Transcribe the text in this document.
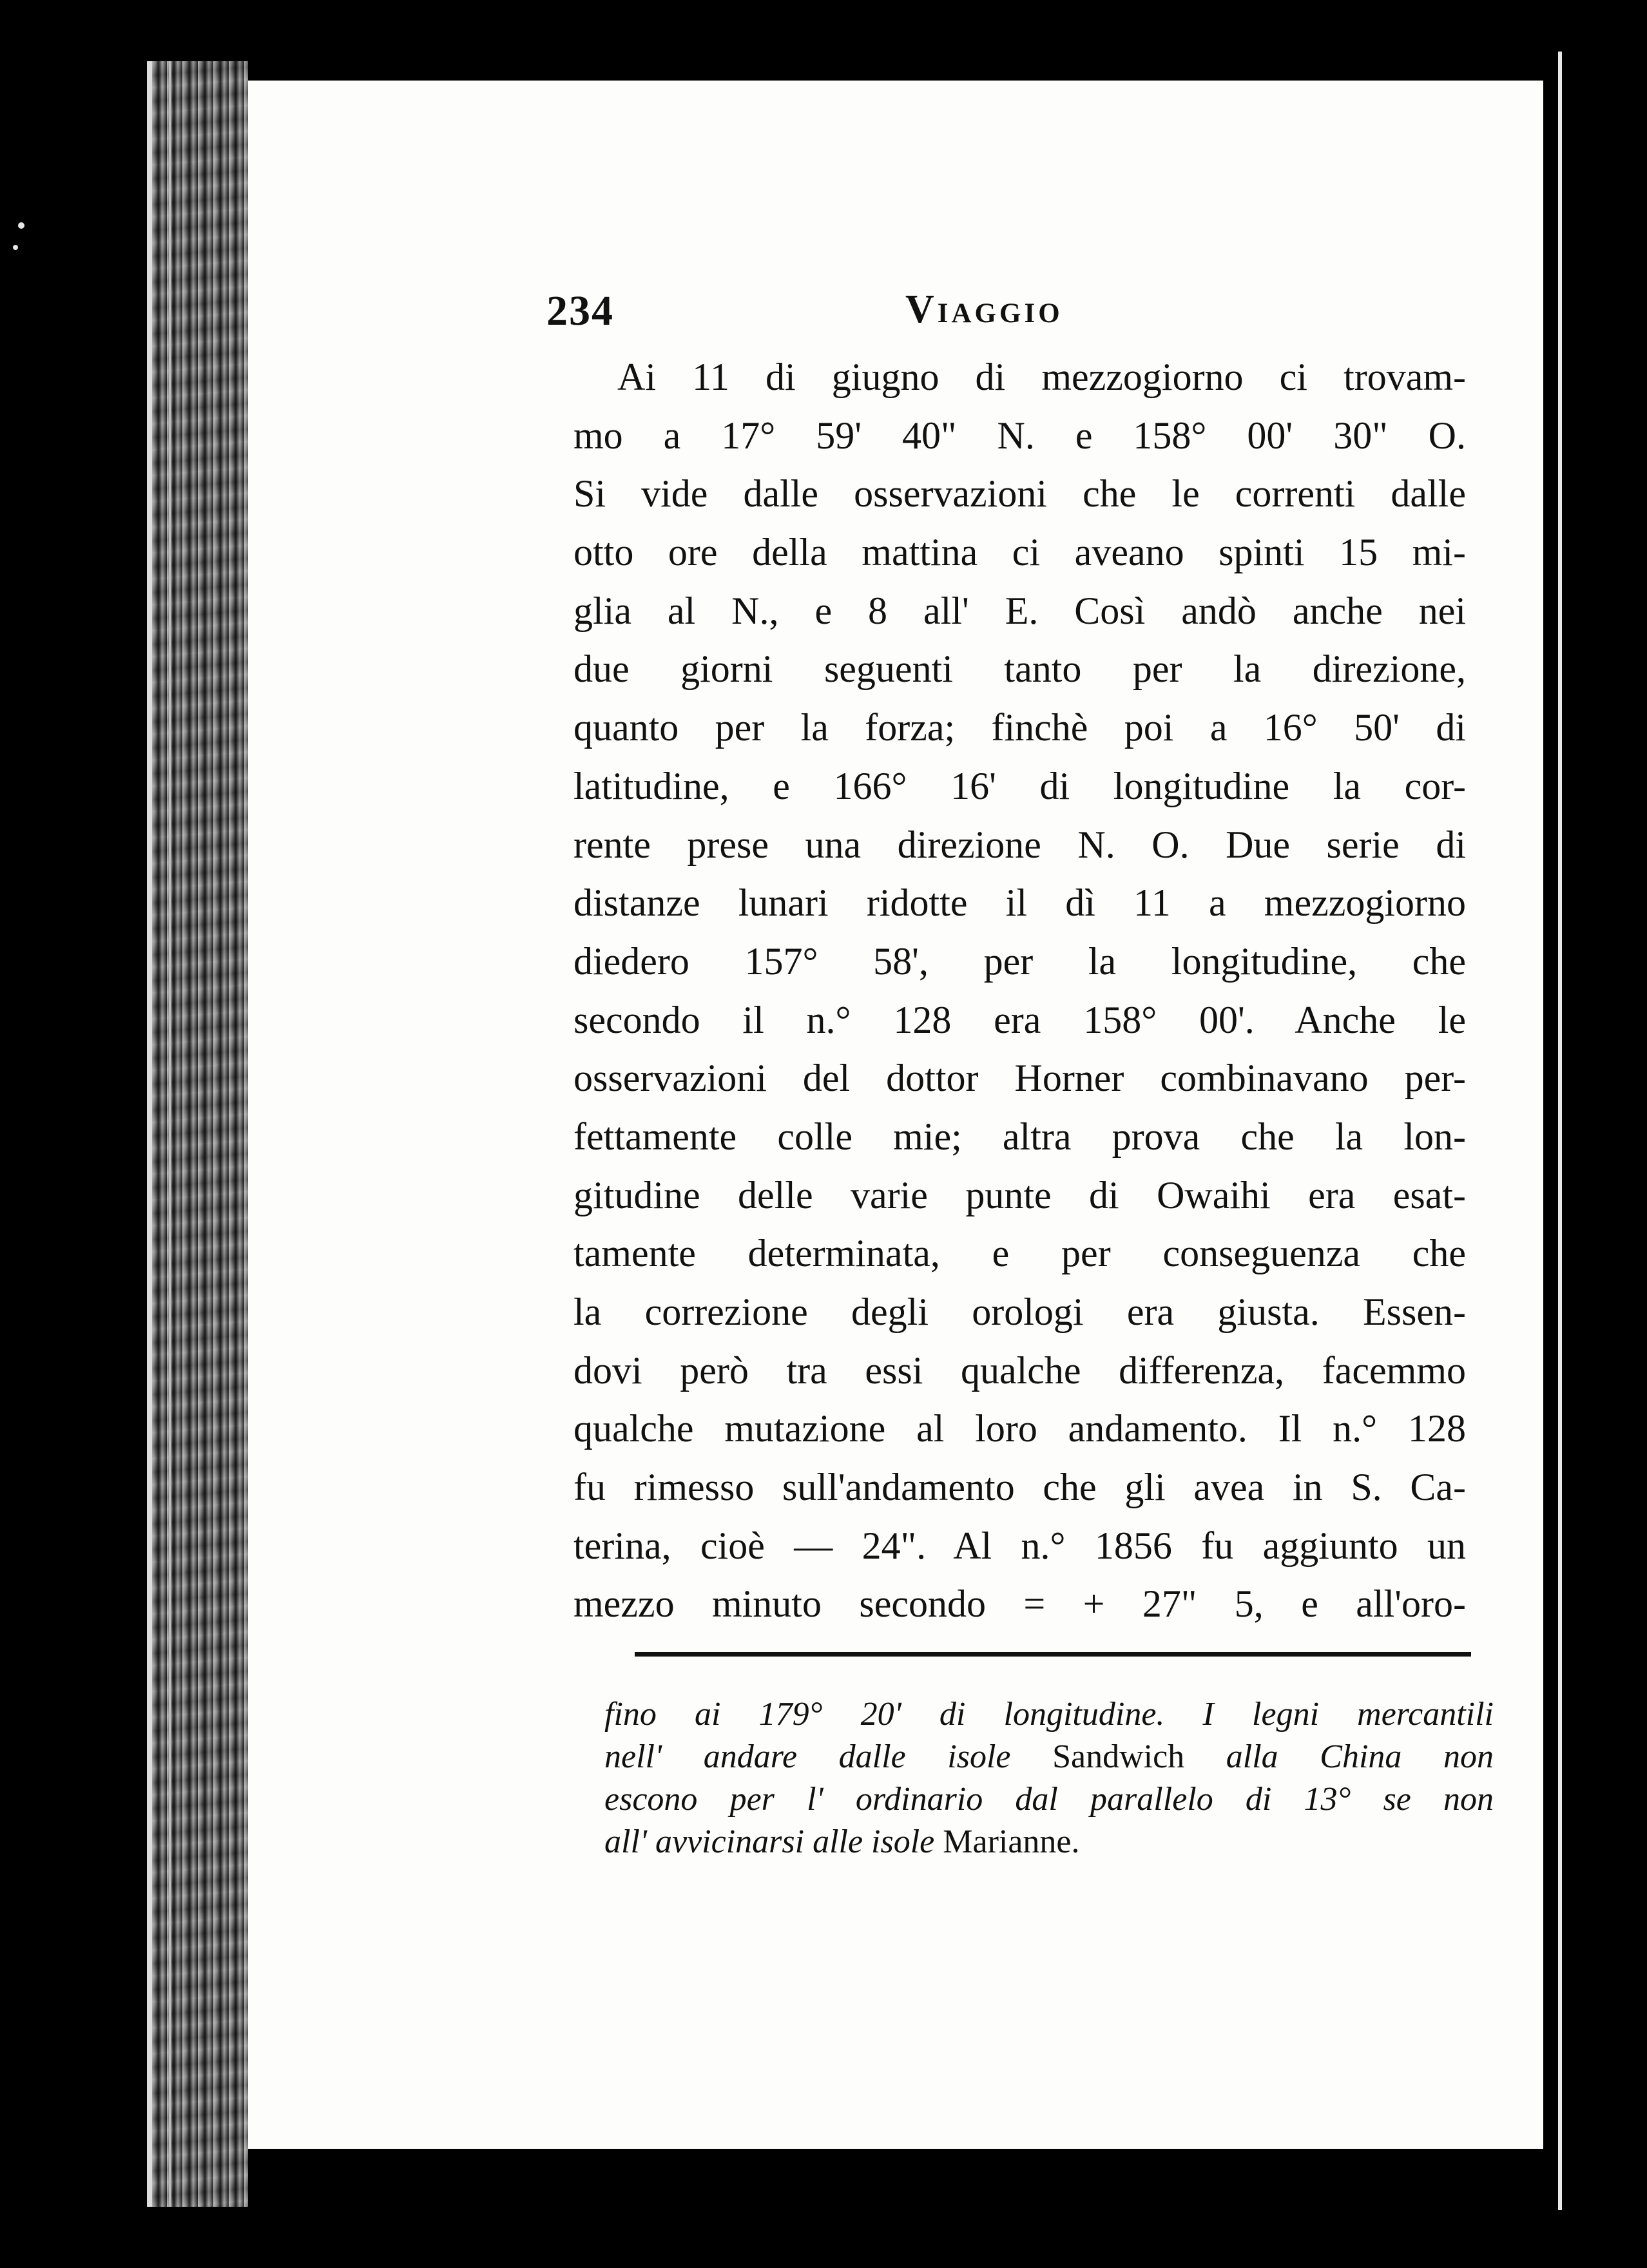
234	Viaggio
Ai 11 di giugno di mezzogiorno ci trovam-
mo a 17° 59' 40" N. e 158° 00' 30" O.
Si vide dalle osservazioni che le correnti dalle
otto ore della mattina ci aveano spinti 15 mi-
glia al N., e 8 all' E. Così andò anche nei
due giorni seguenti tanto per la direzione,
quanto per la forza; finchè poi a 16° 50' di
latitudine, e 166° 16' di longitudine la cor-
rente prese una direzione N. O. Due serie di
distanze lunari ridotte il dì 11 a mezzogiorno
diedero 157° 58', per la longitudine, che
secondo il n.° 128 era 158° 00'. Anche le
osservazioni del dottor Horner combinavano per-
fettamente colle mie; altra prova che la lon-
gitudine delle varie punte di Owaihi era esat-
tamente determinata, e per conseguenza che
la correzione degli orologi era giusta. Essen-
dovi però tra essi qualche differenza, facemmo
qualche mutazione al loro andamento. Il n.° 128
fu rimesso sull'andamento che gli avea in S. Ca-
terina, cioè — 24". Al n.° 1856 fu aggiunto un
mezzo minuto secondo = + 27" 5, e all'oro-
fino ai 179° 20' di longitudine. I legni mercantili
nell' andare dalle isole Sandwich alla China non
escono per l' ordinario dal parallelo di 13° se non
all' avvicinarsi alle isole Marianne.
